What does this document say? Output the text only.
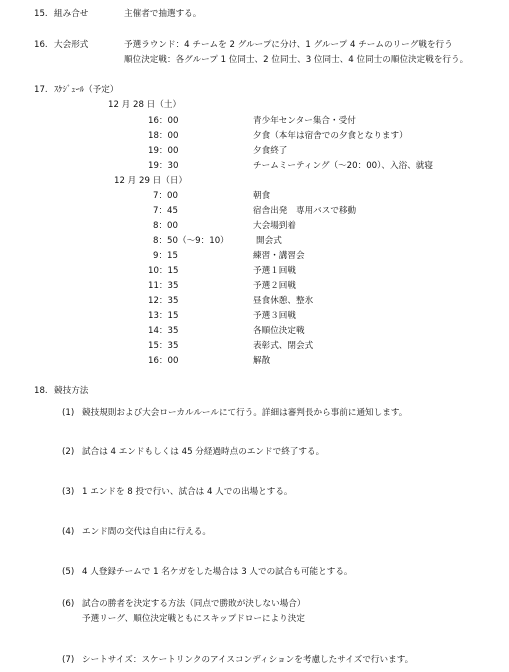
15. 組み合せ	主催者で抽選する。
16. 大会形式	予選ラウンド：4 チームを 2 グループに分け、1 グループ 4 チームのリーグ戦を行う
順位決定戦：各グループ 1 位同士、2 位同士、3 位同士、4 位同士の順位決定戦を行う。
17. ｽｹｼﾞｭｰﾙ（予定）
12 月 28 日（土）
16：00	青少年センター集合・受付
18：00	夕食（本年は宿舎での夕食となります）
19：00	夕食終了
19：30	チームミーティング（〜20：00）、入浴、就寝
12 月 29 日（日）
7：00	朝食
7：45	宿舎出発　専用バスで移動
8：00	大会場到着
8：50（〜9：10）	開会式
9：15	練習・講習会
10：15	予選１回戦
11：35	予選２回戦
12：35	昼食休憩、整氷
13：15	予選３回戦
14：35	各順位決定戦
15：35	表彰式、閉会式
16：00	解散
18. 競技方法
(1) 競技規則および大会ローカルルールにて行う。詳細は審判長から事前に通知します。
(2) 試合は 4 エンドもしくは 45 分経過時点のエンドで終了する。
(3) 1 エンドを 8 投で行い、試合は 4 人での出場とする。
(4) エンド間の交代は自由に行える。
(5) 4 人登録チームで 1 名ケガをした場合は 3 人での試合も可能とする。
(6) 試合の勝者を決定する方法（同点で勝敗が決しない場合）
予選リーグ、順位決定戦ともにスキップドローにより決定
(7) シートサイズ：スケートリンクのアイスコンディションを考慮したサイズで行います。
